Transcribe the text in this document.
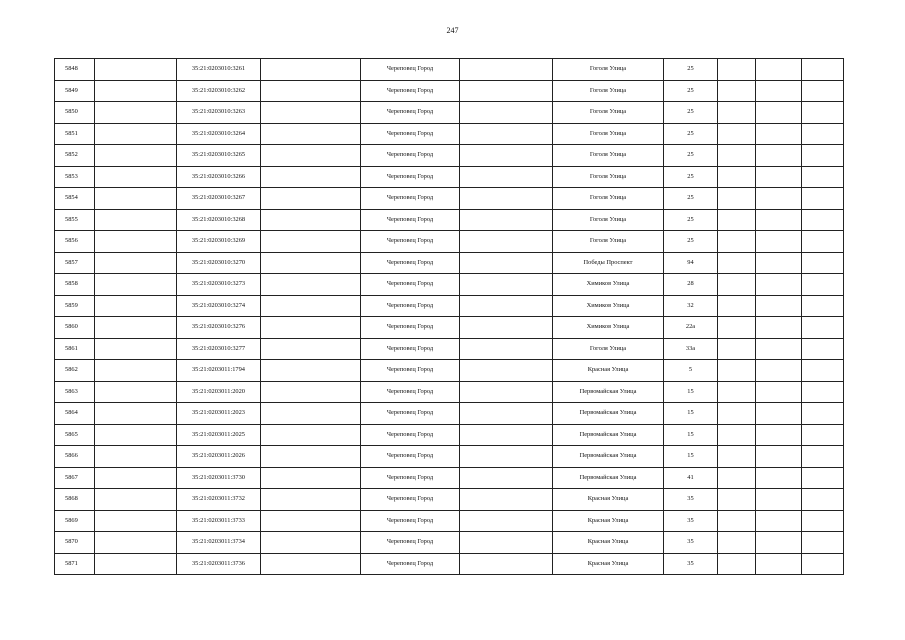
247
5848		35:21:0203010:3261		Череповец Город		Гоголя Улица	25			
5849		35:21:0203010:3262		Череповец Город		Гоголя Улица	25			
5850		35:21:0203010:3263		Череповец Город		Гоголя Улица	25			
5851		35:21:0203010:3264		Череповец Город		Гоголя Улица	25			
5852		35:21:0203010:3265		Череповец Город		Гоголя Улица	25			
5853		35:21:0203010:3266		Череповец Город		Гоголя Улица	25			
5854		35:21:0203010:3267		Череповец Город		Гоголя Улица	25			
5855		35:21:0203010:3268		Череповец Город		Гоголя Улица	25			
5856		35:21:0203010:3269		Череповец Город		Гоголя Улица	25			
5857		35:21:0203010:3270		Череповец Город		Победы Проспект	94			
5858		35:21:0203010:3273		Череповец Город		Химиков Улица	28			
5859		35:21:0203010:3274		Череповец Город		Химиков Улица	32			
5860		35:21:0203010:3276		Череповец Город		Химиков Улица	22а			
5861		35:21:0203010:3277		Череповец Город		Гоголя Улица	33а			
5862		35:21:0203011:1794		Череповец Город		Красная Улица	5			
5863		35:21:0203011:2020		Череповец Город		Первомайская Улица	15			
5864		35:21:0203011:2023		Череповец Город		Первомайская Улица	15			
5865		35:21:0203011:2025		Череповец Город		Первомайская Улица	15			
5866		35:21:0203011:2026		Череповец Город		Первомайская Улица	15			
5867		35:21:0203011:3730		Череповец Город		Первомайская Улица	41			
5868		35:21:0203011:3732		Череповец Город		Красная Улица	35			
5869		35:21:0203011:3733		Череповец Город		Красная Улица	35			
5870		35:21:0203011:3734		Череповец Город		Красная Улица	35			
5871		35:21:0203011:3736		Череповец Город		Красная Улица	35			
